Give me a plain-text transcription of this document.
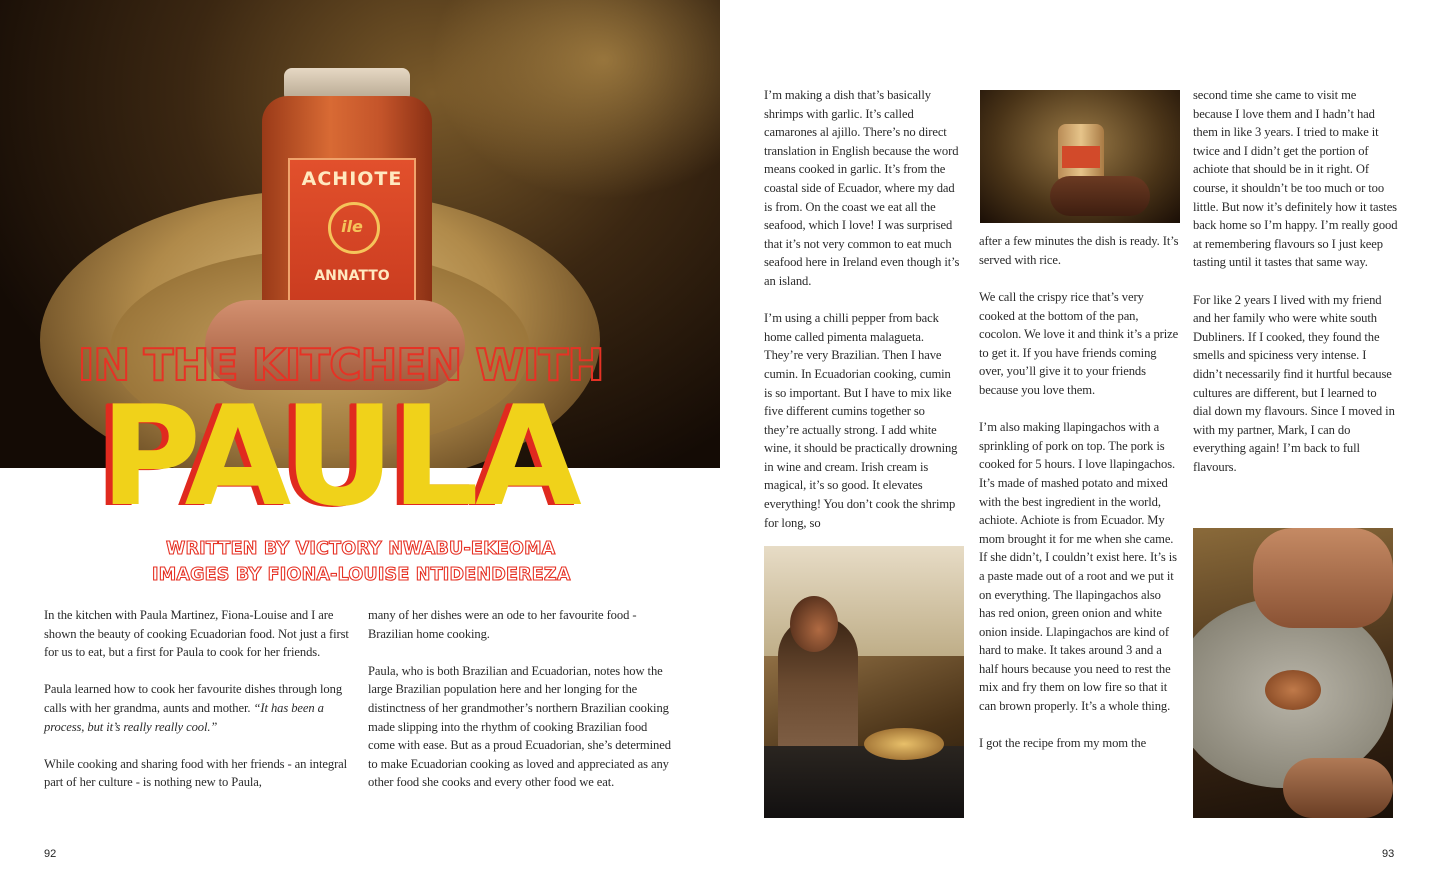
ACHIOTE
ile
ANNATTO
IN THE KITCHEN WITH
PAULA
WRITTEN BY VICTORY NWABU-EKEOMA
IMAGES BY FIONA-LOUISE NTIDENDEREZA

In the kitchen with Paula Martinez, Fiona-Louise and I are shown the beauty of cooking Ecuadorian food. Not just a first for us to eat, but a first for Paula to cook for her friends.

Paula learned how to cook her favourite dishes through long calls with her grandma, aunts and mother. “It has been a process, but it’s really really cool.”

While cooking and sharing food with her friends - an integral part of her culture - is nothing new to Paula,

many of her dishes were an ode to her favourite food - Brazilian home cooking.

Paula, who is both Brazilian and Ecuadorian, notes how the large Brazilian population here and her longing for the distinctness of her grandmother’s northern Brazilian cooking made slipping into the rhythm of cooking Brazilian food come with ease. But as a proud Ecuadorian, she’s determined to make Ecuadorian cooking as loved and appreciated as any other food she cooks and every other food we eat.

92

I’m making a dish that’s basically shrimps with garlic. It’s called camarones al ajillo. There’s no direct translation in English because the word means cooked in garlic. It’s from the coastal side of Ecuador, where my dad is from. On the coast we eat all the seafood, which I love! I was surprised that it’s not very common to eat much seafood here in Ireland even though it’s an island.

I’m using a chilli pepper from back home called pimenta malagueta. They’re very Brazilian. Then I have cumin. In Ecuadorian cooking, cumin is so important. But I have to mix like five different cumins together so they’re actually strong. I add white wine, it should be practically drowning in wine and cream. Irish cream is magical, it’s so good. It elevates everything! You don’t cook the shrimp for long, so

after a few minutes the dish is ready. It’s served with rice.

We call the crispy rice that’s very cooked at the bottom of the pan, cocolon. We love it and think it’s a prize to get it. If you have friends coming over, you’ll give it to your friends because you love them.

I’m also making llapingachos with a sprinkling of pork on top. The pork is cooked for 5 hours. I love llapingachos. It’s made of mashed potato and mixed with the best ingredient in the world, achiote. Achiote is from Ecuador. My mom brought it for me when she came. If she didn’t, I couldn’t exist here. It’s is a paste made out of a root and we put it on everything. The llapingachos also has red onion, green onion and white onion inside. Llapingachos are kind of hard to make. It takes around 3 and a half hours because you need to rest the mix and fry them on low fire so that it can brown properly. It’s a whole thing.

I got the recipe from my mom the

second time she came to visit me because I love them and I hadn’t had them in like 3 years. I tried to make it twice and I didn’t get the portion of achiote that should be in it right. Of course, it shouldn’t be too much or too little. But now it’s definitely how it tastes back home so I’m happy. I’m really good at remembering flavours so I just keep tasting until it tastes that same way.

For like 2 years I lived with my friend and her family who were white south Dubliners. If I cooked, they found the smells and spiciness very intense. I didn’t necessarily find it hurtful because cultures are different, but I learned to dial down my flavours. Since I moved in with my partner, Mark, I can do everything again! I’m back to full flavours.

93
